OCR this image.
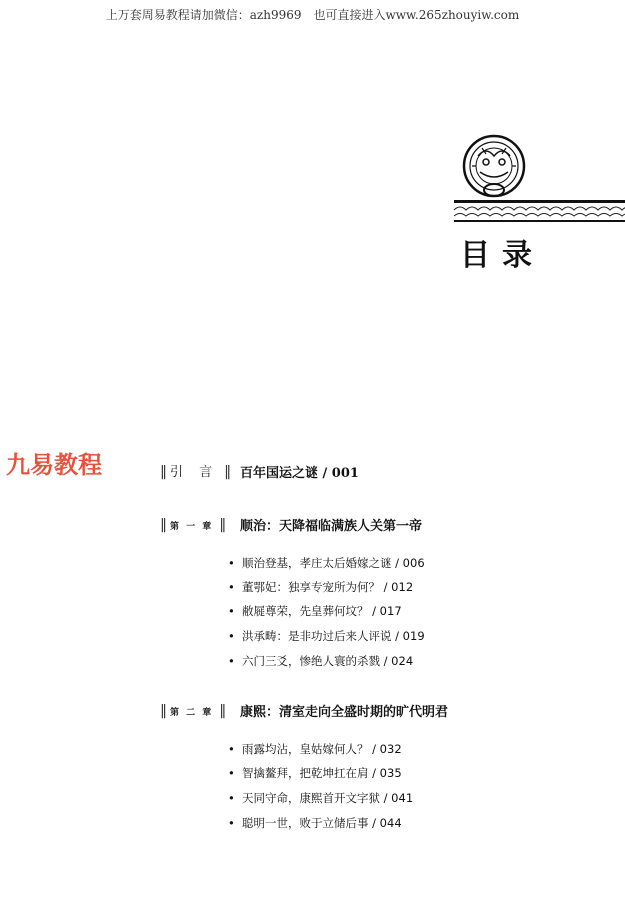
上万套周易教程请加微信：azh9969　也可直接进入www.265zhouyiw.com
目录
九易教程	‖ 引 言 ‖ 百年国运之谜 / 001
‖ 第 一 章 ‖ 顺治：天降福临满族人关第一帝
• 顺治登基，孝庄太后婚嫁之谜 / 006
• 董鄂妃：独享专宠所为何？ / 012
• 敝屣尊荣，先皇葬何坟？ / 017
• 洪承畴：是非功过后来人评说 / 019
• 六门三爻，惨绝人寰的杀戮 / 024
‖ 第 二 章 ‖ 康熙：清室走向全盛时期的旷代明君
• 雨露均沾，皇姑嫁何人？ / 032
• 智擒鳌拜，把乾坤扛在肩 / 035
• 天同守命，康熙首开文字狱 / 041
• 聪明一世，败于立储后事 / 044
